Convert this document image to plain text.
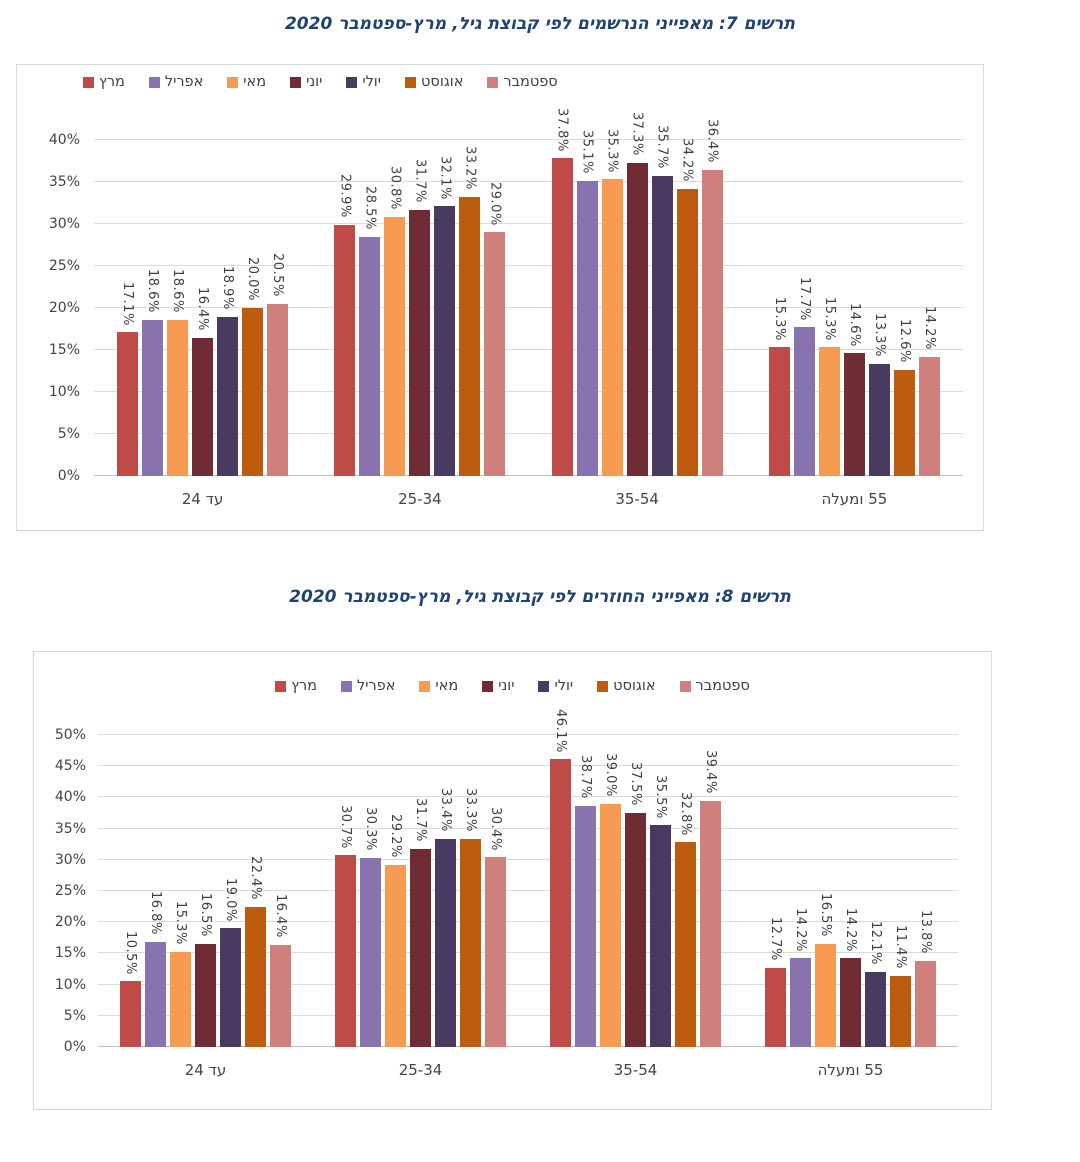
תרשים 7: מאפייני הנרשמים לפי קבוצת גיל, מרץ-ספטמבר 2020
מרץ	אפריל	מאי	יוני	יולי	אוגוסט	ספטמבר
0%
5%
10%
15%
20%
25%
30%
35%
40%
17.1% 18.6% 18.6% 16.4% 18.9% 20.0% 20.5%
29.9% 28.5% 30.8% 31.7% 32.1% 33.2%
29.0%
37.8%
35.1% 35.3% 37.3% 35.7% 34.2% 36.4%
15.3% 17.7% 15.3% 14.6% 13.3% 12.6% 14.2%
עד 24	25-34	35-54	55 ומעלה
תרשים 8: מאפייני החוזרים לפי קבוצת גיל, מרץ-ספטמבר 2020
מרץ	אפריל	מאי	יוני	יולי	אוגוסט	ספטמבר
0%
5%
10%
15%
20%
25%
30%
35%
40%
45%
50%
10.5%
16.8% 15.3% 16.5% 19.0% 22.4%
16.4%
30.7% 30.3% 29.2% 31.7% 33.4% 33.3% 30.4%
46.1%
38.7% 39.0% 37.5% 35.5% 32.8%
39.4%
12.7% 14.2% 16.5% 14.2% 12.1% 11.4% 13.8%
עד 24	25-34	35-54	55 ומעלה
